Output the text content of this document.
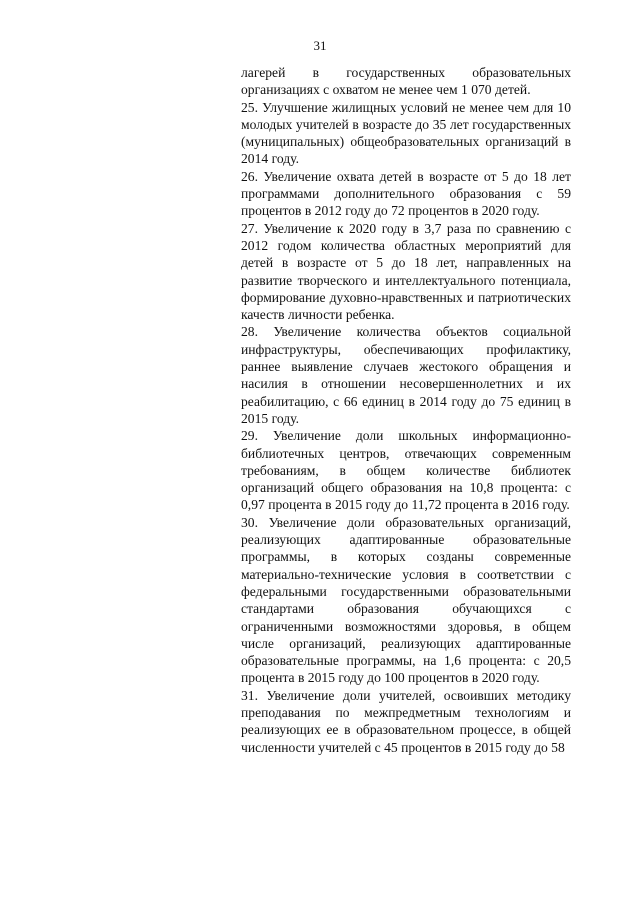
31

лагерей в государственных образовательных организациях с охватом не менее чем 1 070 детей.

25. Улучшение жилищных условий не менее чем для 10 молодых учителей в возрасте до 35 лет государственных (муниципальных) общеобразовательных организаций в 2014 году.

26. Увеличение охвата детей в возрасте от 5 до 18 лет программами дополнительного образования с 59 процентов в 2012 году до 72 процентов в 2020 году.

27. Увеличение к 2020 году в 3,7 раза по сравнению с 2012 годом количества областных мероприятий для детей в возрасте от 5 до 18 лет, направленных на развитие творческого и интеллектуального потенциала, формирование духовно-нравственных и патриотических качеств личности ребенка.

28. Увеличение количества объектов социальной инфраструктуры, обеспечивающих профилактику, раннее выявление случаев жестокого обращения и насилия в отношении несовершеннолетних и их реабилитацию, с 66 единиц в 2014 году до 75 единиц в 2015 году.

29. Увеличение доли школьных информационно-библиотечных центров, отвечающих современным требованиям, в общем количестве библиотек организаций общего образования на 10,8 процента: с 0,97 процента в 2015 году до 11,72 процента в 2016 году.

30. Увеличение доли образовательных организаций, реализующих адаптированные образовательные программы, в которых созданы современные материально-технические условия в соответствии с федеральными государственными образовательными стандартами образования обучающихся с ограниченными возможностями здоровья, в общем числе организаций, реализующих адаптированные образовательные программы, на 1,6 процента: с 20,5 процента в 2015 году до 100 процентов в 2020 году.

31. Увеличение доли учителей, освоивших методику преподавания по межпредметным технологиям и реализующих ее в образовательном процессе, в общей численности учителей с 45 процентов в 2015 году до 58
